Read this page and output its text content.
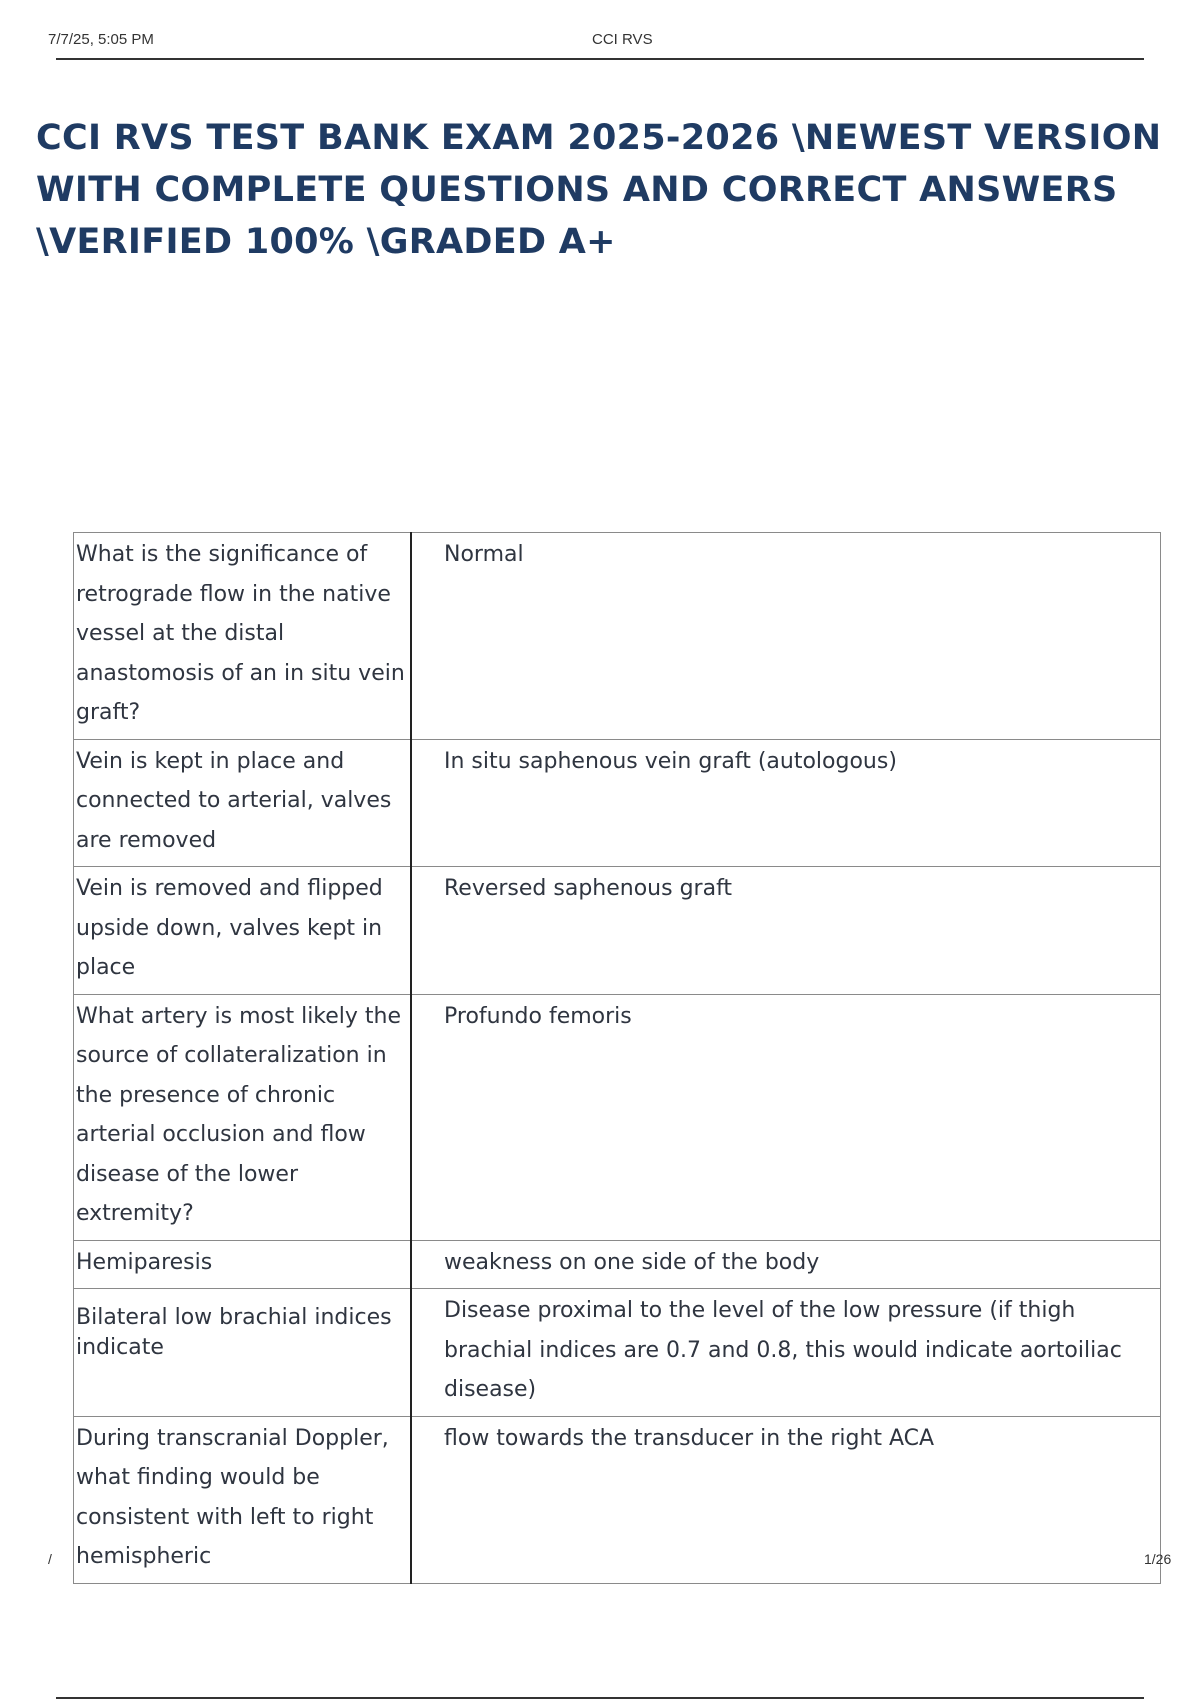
7/7/25, 5:05 PM	CCI RVS
CCI RVS TEST BANK EXAM 2025-2026 \NEWEST VERSION WITH COMPLETE QUESTIONS AND CORRECT ANSWERS \VERIFIED 100% \GRADED A+
What is the significance of retrograde flow in the native vessel at the distal anastomosis of an in situ vein graft?	Normal
Vein is kept in place and connected to arterial, valves are removed	In situ saphenous vein graft (autologous)
Vein is removed and flipped upside down, valves kept in place	Reversed saphenous graft
What artery is most likely the source of collateralization in the presence of chronic arterial occlusion and flow disease of the lower extremity?	Profundo femoris
Hemiparesis	weakness on one side of the body
Bilateral low brachial indices indicate	Disease proximal to the level of the low pressure (if thigh brachial indices are 0.7 and 0.8, this would indicate aortoiliac disease)
During transcranial Doppler, what finding would be consistent with left to right hemispheric	flow towards the transducer in the right ACA
/	1/26
